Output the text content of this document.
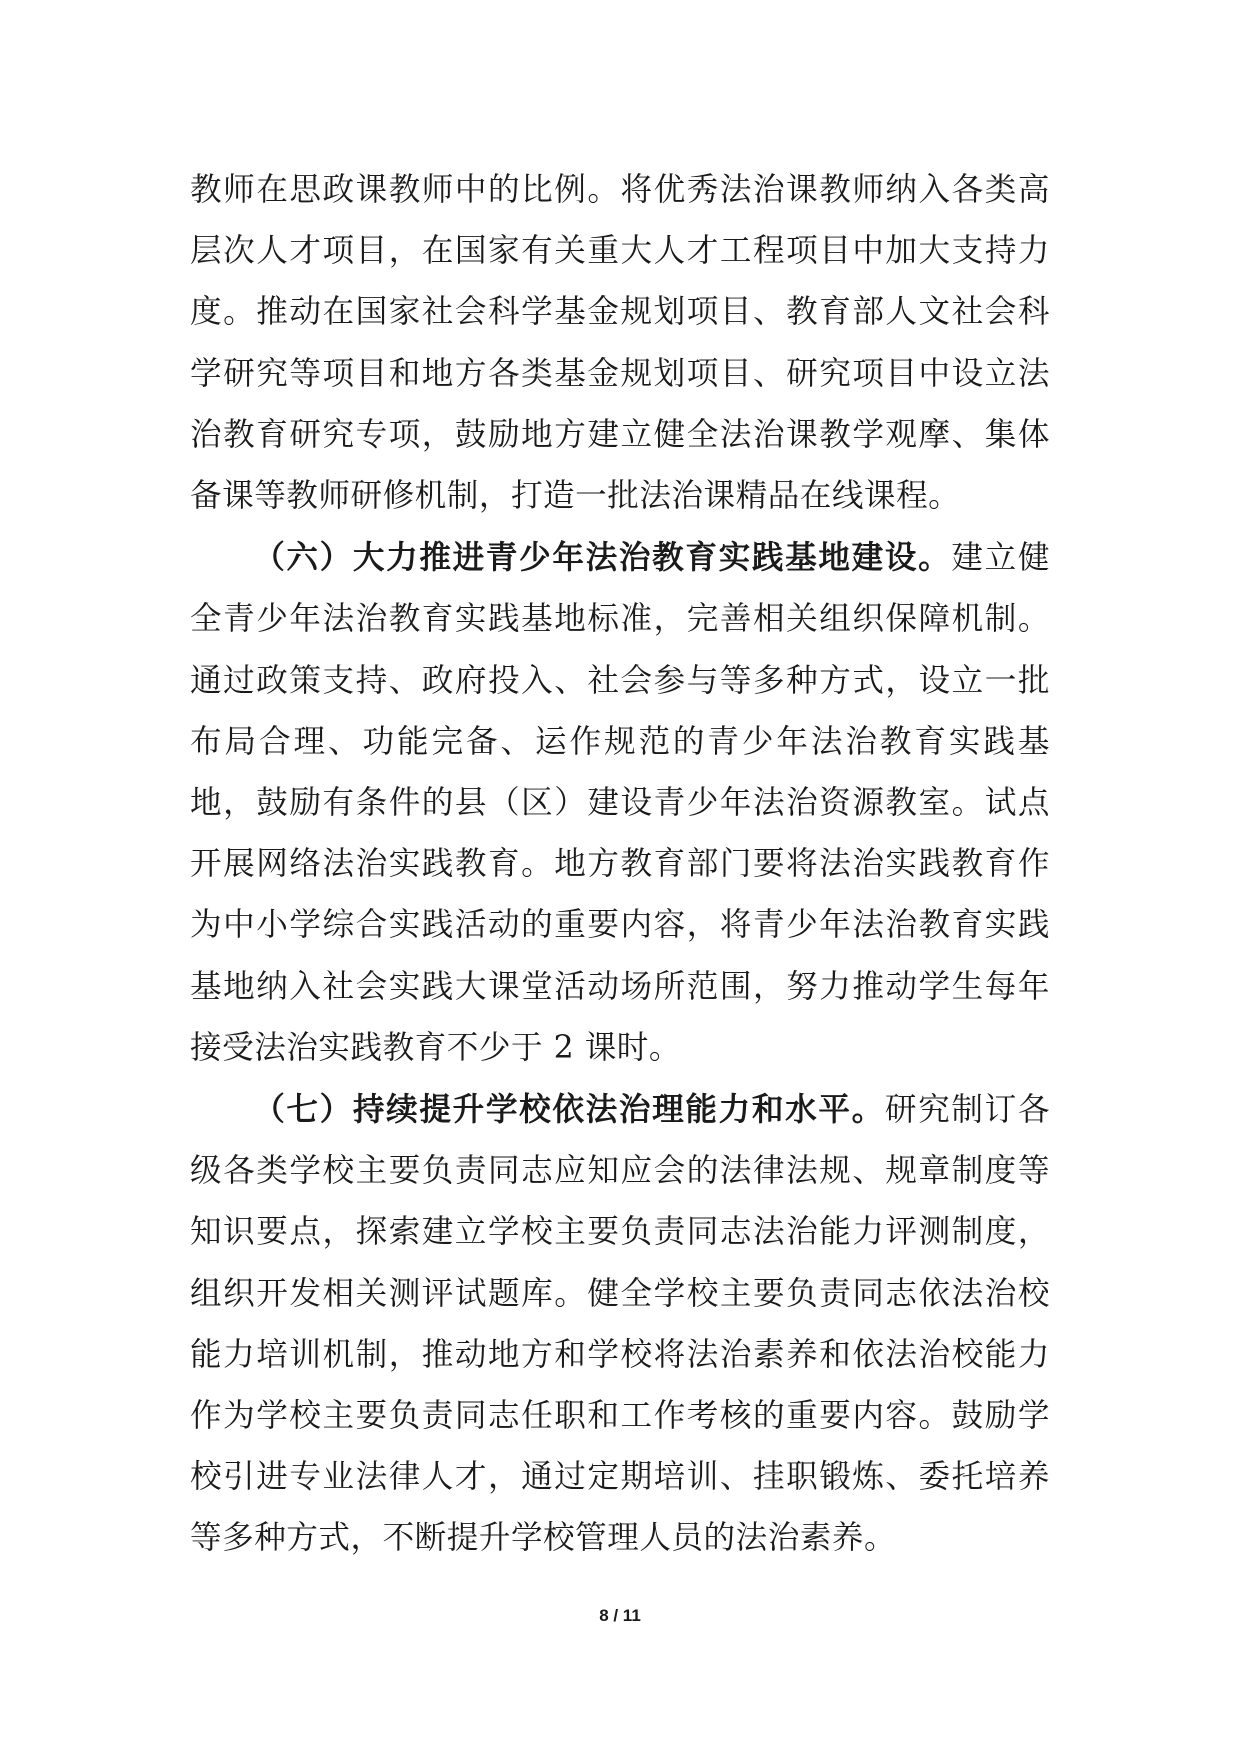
教师在思政课教师中的比例。将优秀法治课教师纳入各类高层次人才项目，在国家有关重大人才工程项目中加大支持力度。推动在国家社会科学基金规划项目、教育部人文社会科学研究等项目和地方各类基金规划项目、研究项目中设立法治教育研究专项，鼓励地方建立健全法治课教学观摩、集体备课等教师研修机制，打造一批法治课精品在线课程。

（六）大力推进青少年法治教育实践基地建设。建立健全青少年法治教育实践基地标准，完善相关组织保障机制。通过政策支持、政府投入、社会参与等多种方式，设立一批布局合理、功能完备、运作规范的青少年法治教育实践基地，鼓励有条件的县（区）建设青少年法治资源教室。试点开展网络法治实践教育。地方教育部门要将法治实践教育作为中小学综合实践活动的重要内容，将青少年法治教育实践基地纳入社会实践大课堂活动场所范围，努力推动学生每年接受法治实践教育不少于 2 课时。

（七）持续提升学校依法治理能力和水平。研究制订各级各类学校主要负责同志应知应会的法律法规、规章制度等知识要点，探索建立学校主要负责同志法治能力评测制度，组织开发相关测评试题库。健全学校主要负责同志依法治校能力培训机制，推动地方和学校将法治素养和依法治校能力作为学校主要负责同志任职和工作考核的重要内容。鼓励学校引进专业法律人才，通过定期培训、挂职锻炼、委托培养等多种方式，不断提升学校管理人员的法治素养。

8 / 11
